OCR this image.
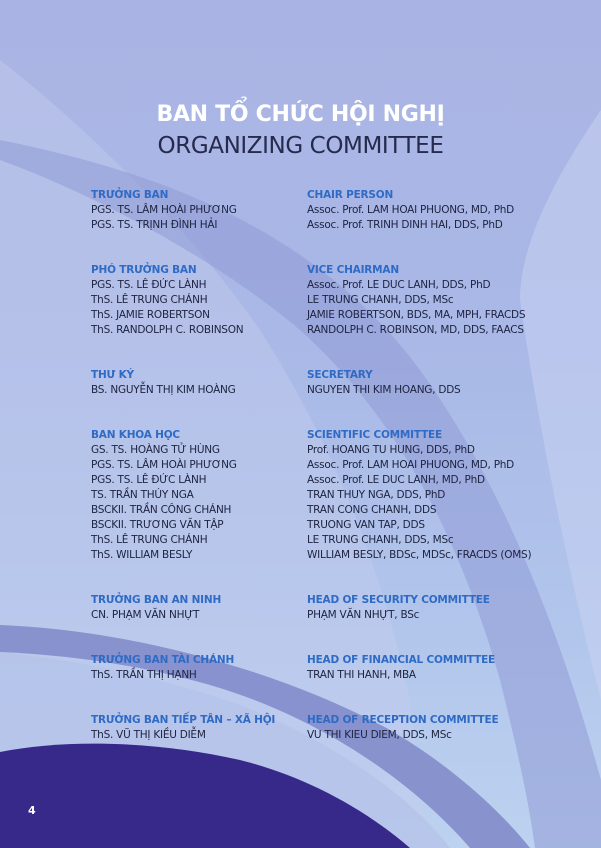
BAN TỔ CHỨC HỘI NGHỊ
ORGANIZING COMMITTEE
TRƯỞNG BAN
PGS. TS. LÂM HOÀI PHƯƠNG
PGS. TS. TRỊNH ĐÌNH HẢI
CHAIR PERSON
Assoc. Prof. LAM HOAI PHUONG, MD, PhD
Assoc. Prof. TRINH DINH HAI, DDS, PhD
PHÓ TRƯỞNG BAN
PGS. TS. LÊ ĐỨC LÀNH
ThS. LÊ TRUNG CHÁNH
ThS. JAMIE ROBERTSON
ThS. RANDOLPH C. ROBINSON
VICE CHAIRMAN
Assoc. Prof. LE DUC LANH, DDS, PhD
LE TRUNG CHANH, DDS, MSc
JAMIE ROBERTSON, BDS, MA, MPH, FRACDS
RANDOLPH C. ROBINSON, MD, DDS, FAACS
THƯ KÝ
BS. NGUYỄN THỊ KIM HOÀNG
SECRETARY
NGUYEN THI KIM HOANG, DDS
BAN KHOA HỌC
GS. TS. HOÀNG TỬ HÙNG
PGS. TS. LÂM HOÀI PHƯƠNG
PGS. TS. LÊ ĐỨC LÀNH
TS. TRẦN THÚY NGA
BSCKII. TRẦN CÔNG CHÁNH
BSCKII. TRƯƠNG VĂN TẬP
ThS. LÊ TRUNG CHÁNH
ThS. WILLIAM BESLY
SCIENTIFIC COMMITTEE
Prof. HOANG TU HUNG, DDS, PhD
Assoc. Prof. LAM HOAI PHUONG, MD, PhD
Assoc. Prof. LE DUC LANH, MD, PhD
TRAN THUY NGA, DDS, PhD
TRAN CONG CHANH, DDS
TRUONG VAN TAP, DDS
LE TRUNG CHANH, DDS, MSc
WILLIAM BESLY, BDSc, MDSc, FRACDS (OMS)
TRƯỞNG BAN AN NINH
CN. PHẠM VĂN NHỰT
HEAD OF SECURITY COMMITTEE
PHẠM VĂN NHỰT, BSc
TRƯỞNG BAN TÀI CHÁNH
ThS. TRẦN THỊ HẠNH
HEAD OF FINANCIAL COMMITTEE
TRAN THI HANH, MBA
TRƯỞNG BAN TIẾP TÂN – XÃ HỘI
ThS. VŨ THỊ KIỀU DIỄM
HEAD OF RECEPTION COMMITTEE
VU THI KIEU DIEM, DDS, MSc
4
